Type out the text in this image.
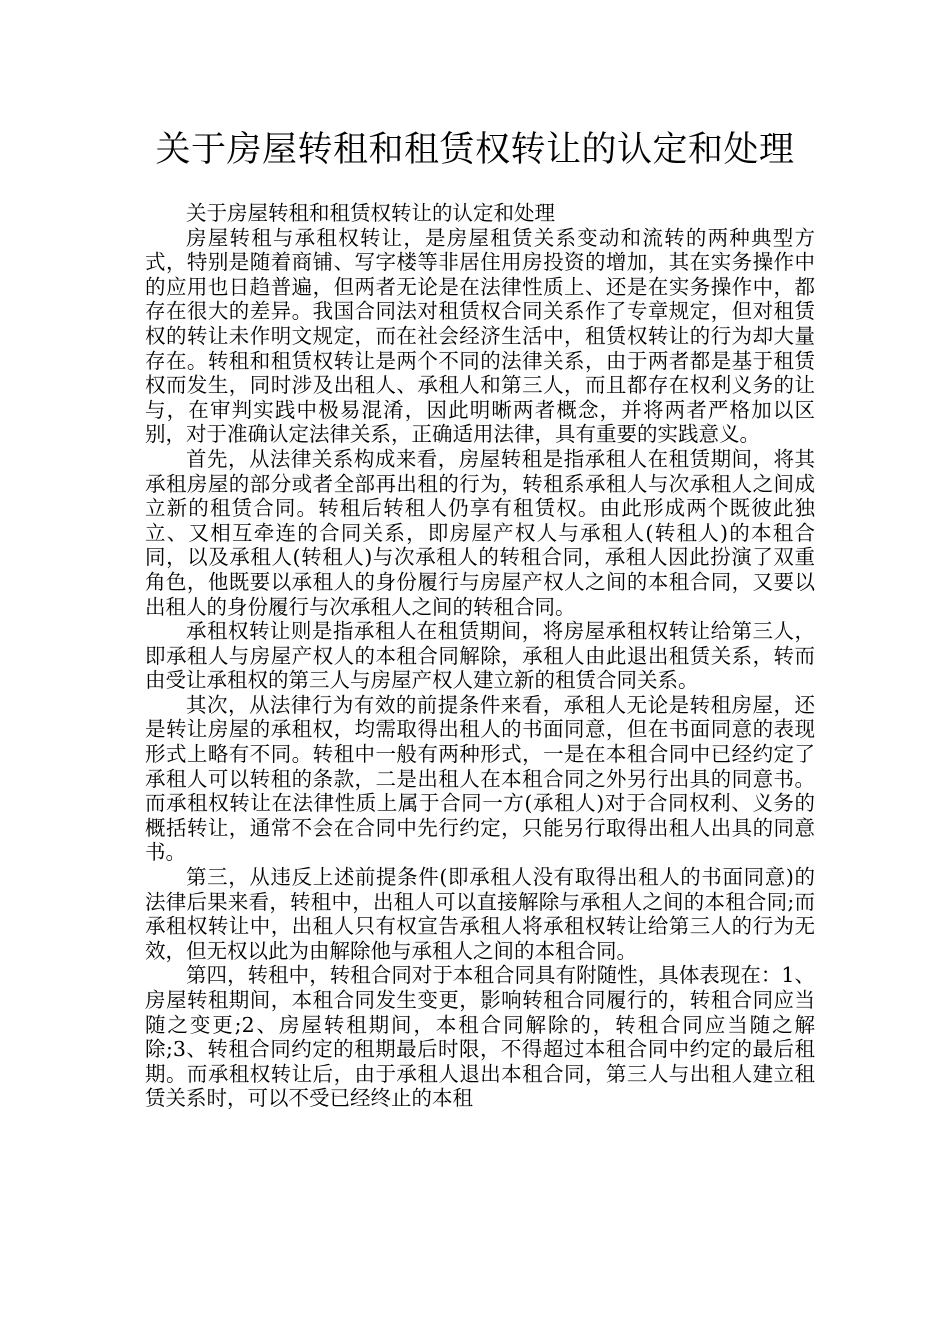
关于房屋转租和租赁权转让的认定和处理

关于房屋转租和租赁权转让的认定和处理

房屋转租与承租权转让，是房屋租赁关系变动和流转的两种典型方式，特别是随着商铺、写字楼等非居住用房投资的增加，其在实务操作中的应用也日趋普遍，但两者无论是在法律性质上、还是在实务操作中，都存在很大的差异。我国合同法对租赁权合同关系作了专章规定，但对租赁权的转让未作明文规定，而在社会经济生活中，租赁权转让的行为却大量存在。转租和租赁权转让是两个不同的法律关系，由于两者都是基于租赁权而发生，同时涉及出租人、承租人和第三人，而且都存在权利义务的让与，在审判实践中极易混淆，因此明晰两者概念，并将两者严格加以区别，对于准确认定法律关系，正确适用法律，具有重要的实践意义。

首先，从法律关系构成来看，房屋转租是指承租人在租赁期间，将其承租房屋的部分或者全部再出租的行为，转租系承租人与次承租人之间成立新的租赁合同。转租后转租人仍享有租赁权。由此形成两个既彼此独立、又相互牵连的合同关系，即房屋产权人与承租人(转租人)的本租合同，以及承租人(转租人)与次承租人的转租合同，承租人因此扮演了双重角色，他既要以承租人的身份履行与房屋产权人之间的本租合同，又要以出租人的身份履行与次承租人之间的转租合同。

承租权转让则是指承租人在租赁期间，将房屋承租权转让给第三人，即承租人与房屋产权人的本租合同解除，承租人由此退出租赁关系，转而由受让承租权的第三人与房屋产权人建立新的租赁合同关系。

其次，从法律行为有效的前提条件来看，承租人无论是转租房屋，还是转让房屋的承租权，均需取得出租人的书面同意，但在书面同意的表现形式上略有不同。转租中一般有两种形式，一是在本租合同中已经约定了承租人可以转租的条款，二是出租人在本租合同之外另行出具的同意书。而承租权转让在法律性质上属于合同一方(承租人)对于合同权利、义务的概括转让，通常不会在合同中先行约定，只能另行取得出租人出具的同意书。

第三，从违反上述前提条件(即承租人没有取得出租人的书面同意)的法律后果来看，转租中，出租人可以直接解除与承租人之间的本租合同;而承租权转让中，出租人只有权宣告承租人将承租权转让给第三人的行为无效，但无权以此为由解除他与承租人之间的本租合同。

第四，转租中，转租合同对于本租合同具有附随性，具体表现在：1、房屋转租期间，本租合同发生变更，影响转租合同履行的，转租合同应当随之变更;2、房屋转租期间，本租合同解除的，转租合同应当随之解除;3、转租合同约定的租期最后时限，不得超过本租合同中约定的最后租期。而承租权转让后，由于承租人退出本租合同，第三人与出租人建立租赁关系时，可以不受已经终止的本租
